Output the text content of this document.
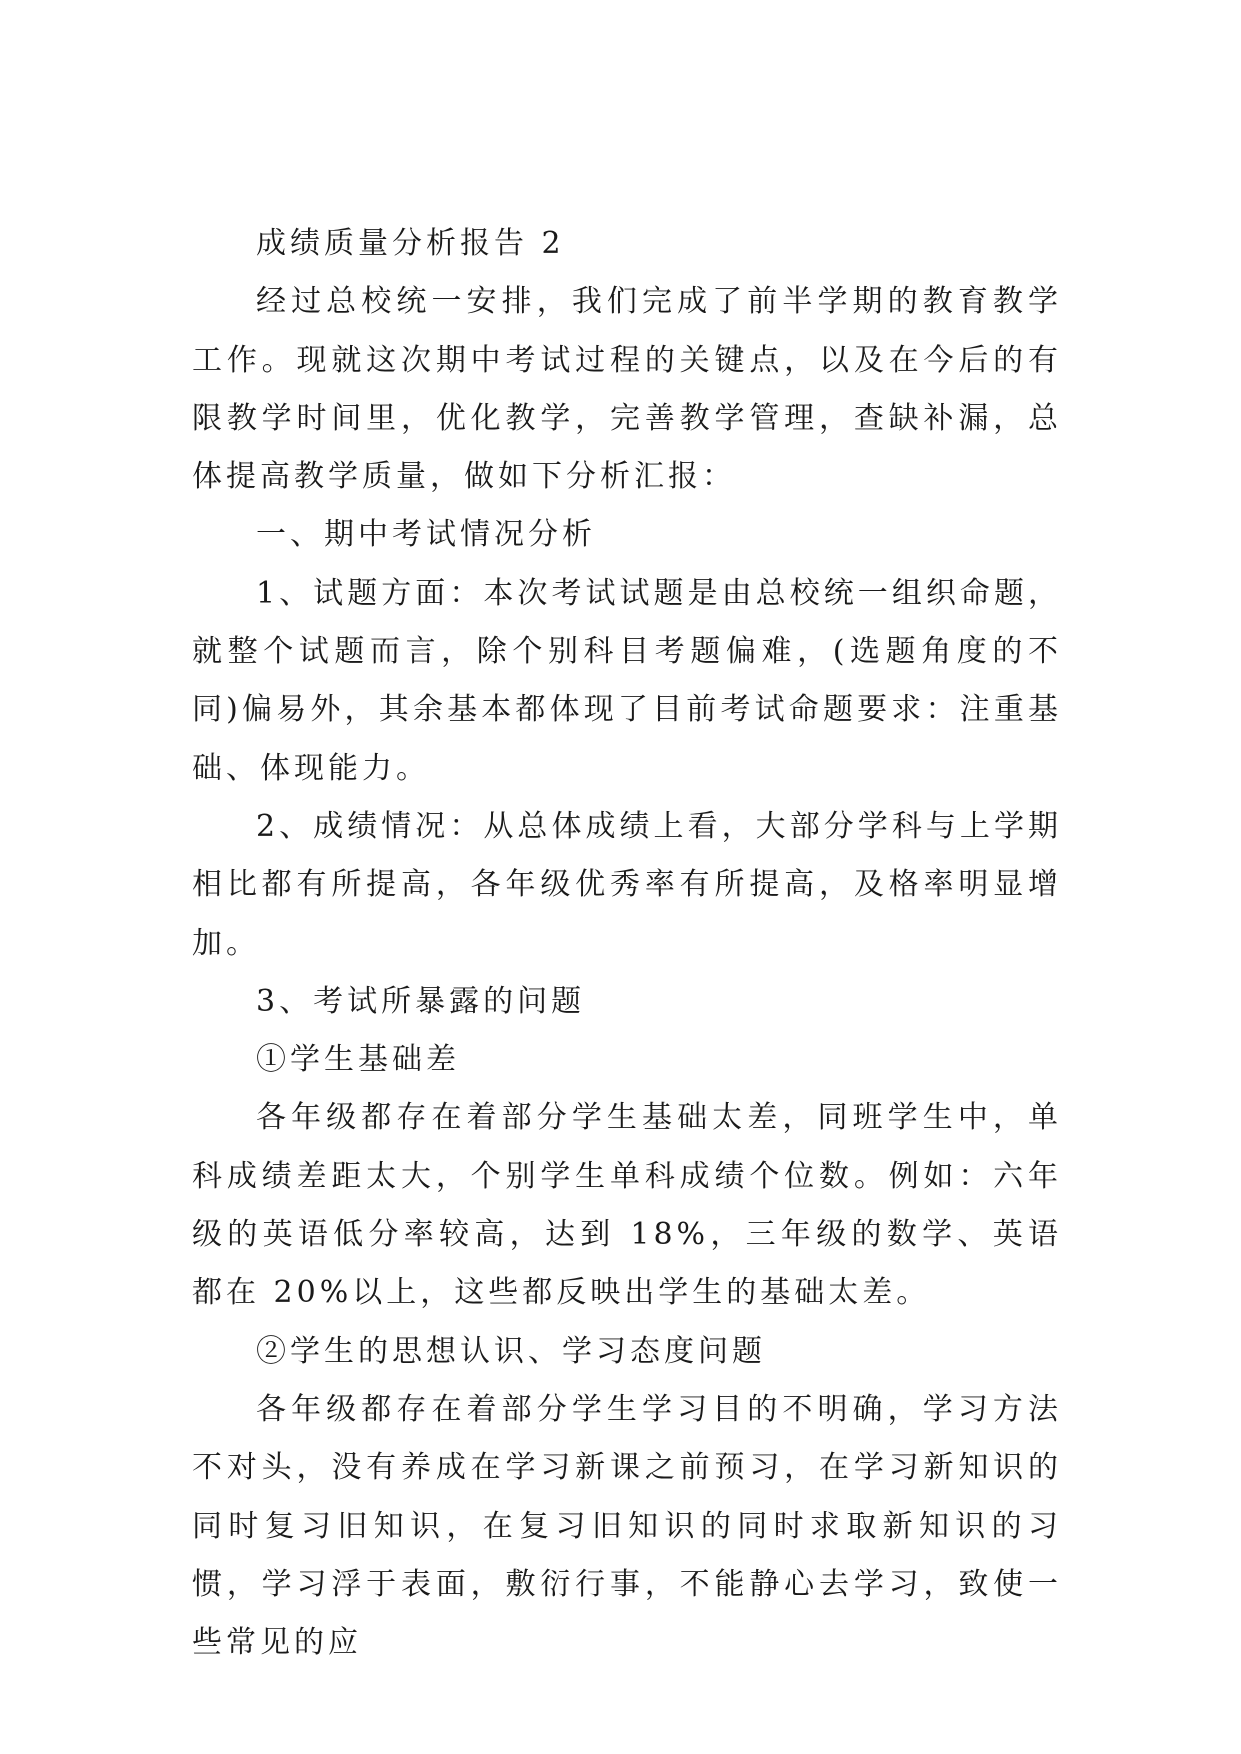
成绩质量分析报告 2

经过总校统一安排，我们完成了前半学期的教育教学工作。现就这次期中考试过程的关键点，以及在今后的有限教学时间里，优化教学，完善教学管理，查缺补漏，总体提高教学质量，做如下分析汇报：

一、期中考试情况分析

1、试题方面：本次考试试题是由总校统一组织命题，就整个试题而言，除个别科目考题偏难，(选题角度的不同)偏易外，其余基本都体现了目前考试命题要求：注重基础、体现能力。

2、成绩情况：从总体成绩上看，大部分学科与上学期相比都有所提高，各年级优秀率有所提高，及格率明显增加。

3、考试所暴露的问题

①学生基础差

各年级都存在着部分学生基础太差，同班学生中，单科成绩差距太大，个别学生单科成绩个位数。例如：六年级的英语低分率较高，达到 18%，三年级的数学、英语都在 20%以上，这些都反映出学生的基础太差。

②学生的思想认识、学习态度问题

各年级都存在着部分学生学习目的不明确，学习方法不对头，没有养成在学习新课之前预习，在学习新知识的同时复习旧知识，在复习旧知识的同时求取新知识的习惯，学习浮于表面，敷衍行事，不能静心去学习，致使一些常见的应
